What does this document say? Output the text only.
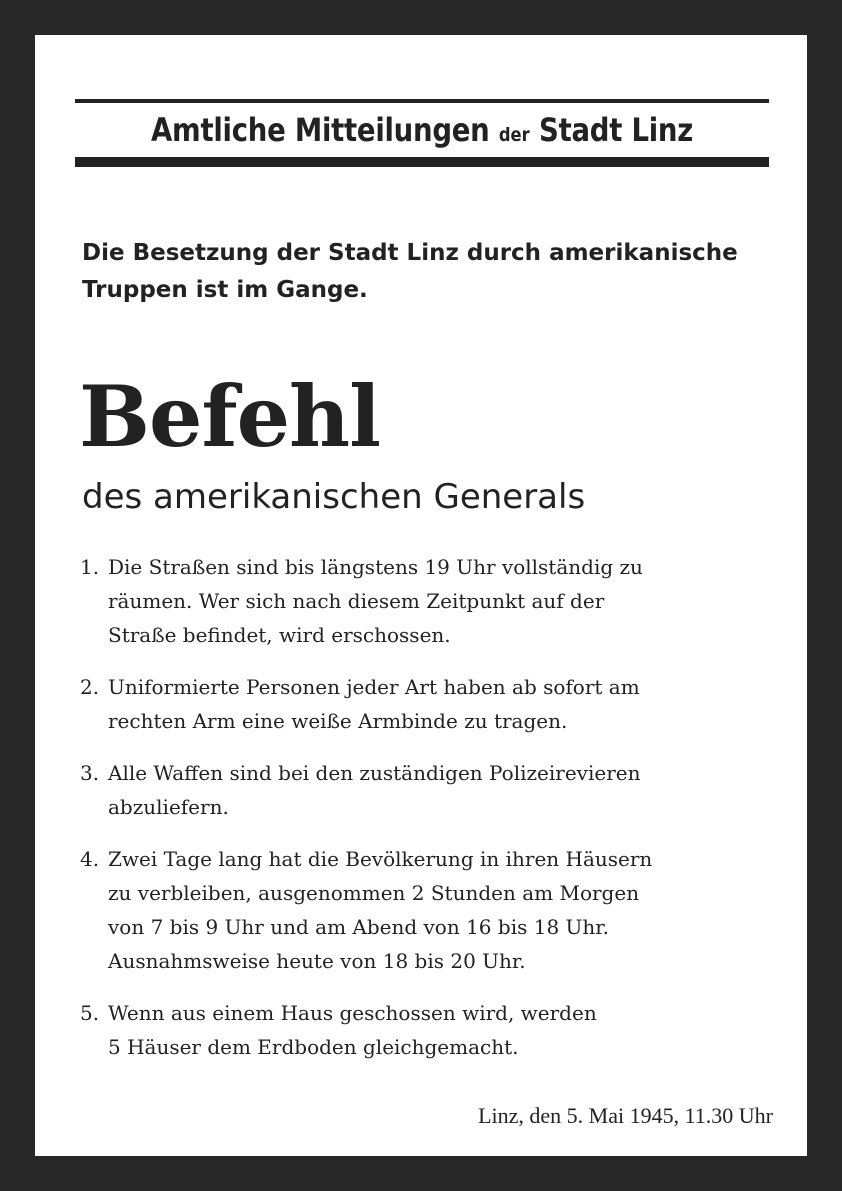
Amtliche Mitteilungen der Stadt Linz
Die Besetzung der Stadt Linz durch amerikanische
Truppen ist im Gange.
Befehl
des amerikanischen Generals
1. Die Straßen sind bis längstens 19 Uhr vollständig zu
räumen. Wer sich nach diesem Zeitpunkt auf der
Straße befindet, wird erschossen.
2. Uniformierte Personen jeder Art haben ab sofort am
rechten Arm eine weiße Armbinde zu tragen.
3. Alle Waffen sind bei den zuständigen Polizeirevieren
abzuliefern.
4. Zwei Tage lang hat die Bevölkerung in ihren Häusern
zu verbleiben, ausgenommen 2 Stunden am Morgen
von 7 bis 9 Uhr und am Abend von 16 bis 18 Uhr.
Ausnahmsweise heute von 18 bis 20 Uhr.
5. Wenn aus einem Haus geschossen wird, werden
5 Häuser dem Erdboden gleichgemacht.
Linz, den 5. Mai 1945, 11.30 Uhr
